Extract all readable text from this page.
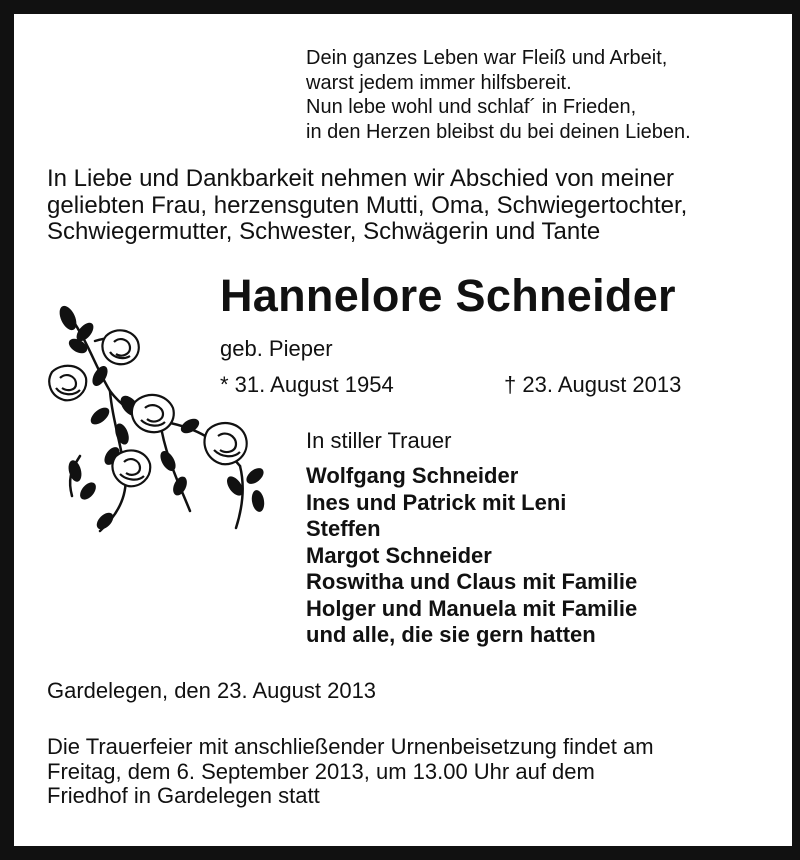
Dein ganzes Leben war Fleiß und Arbeit,
warst jedem immer hilfsbereit.
Nun lebe wohl und schlaf´ in Frieden,
in den Herzen bleibst du bei deinen Lieben.
In Liebe und Dankbarkeit nehmen wir Abschied von meiner
geliebten Frau, herzensguten Mutti, Oma, Schwiegertochter,
Schwiegermutter, Schwester, Schwägerin und Tante
Hannelore Schneider
geb. Pieper
* 31. August 1954	† 23. August 2013
In stiller Trauer
Wolfgang Schneider
Ines und Patrick mit Leni
Steffen
Margot Schneider
Roswitha und Claus mit Familie
Holger und Manuela mit Familie
und alle, die sie gern hatten
Gardelegen, den 23. August 2013
Die Trauerfeier mit anschließender Urnenbeisetzung findet am
Freitag, dem 6. September 2013, um 13.00 Uhr auf dem
Friedhof in Gardelegen statt
